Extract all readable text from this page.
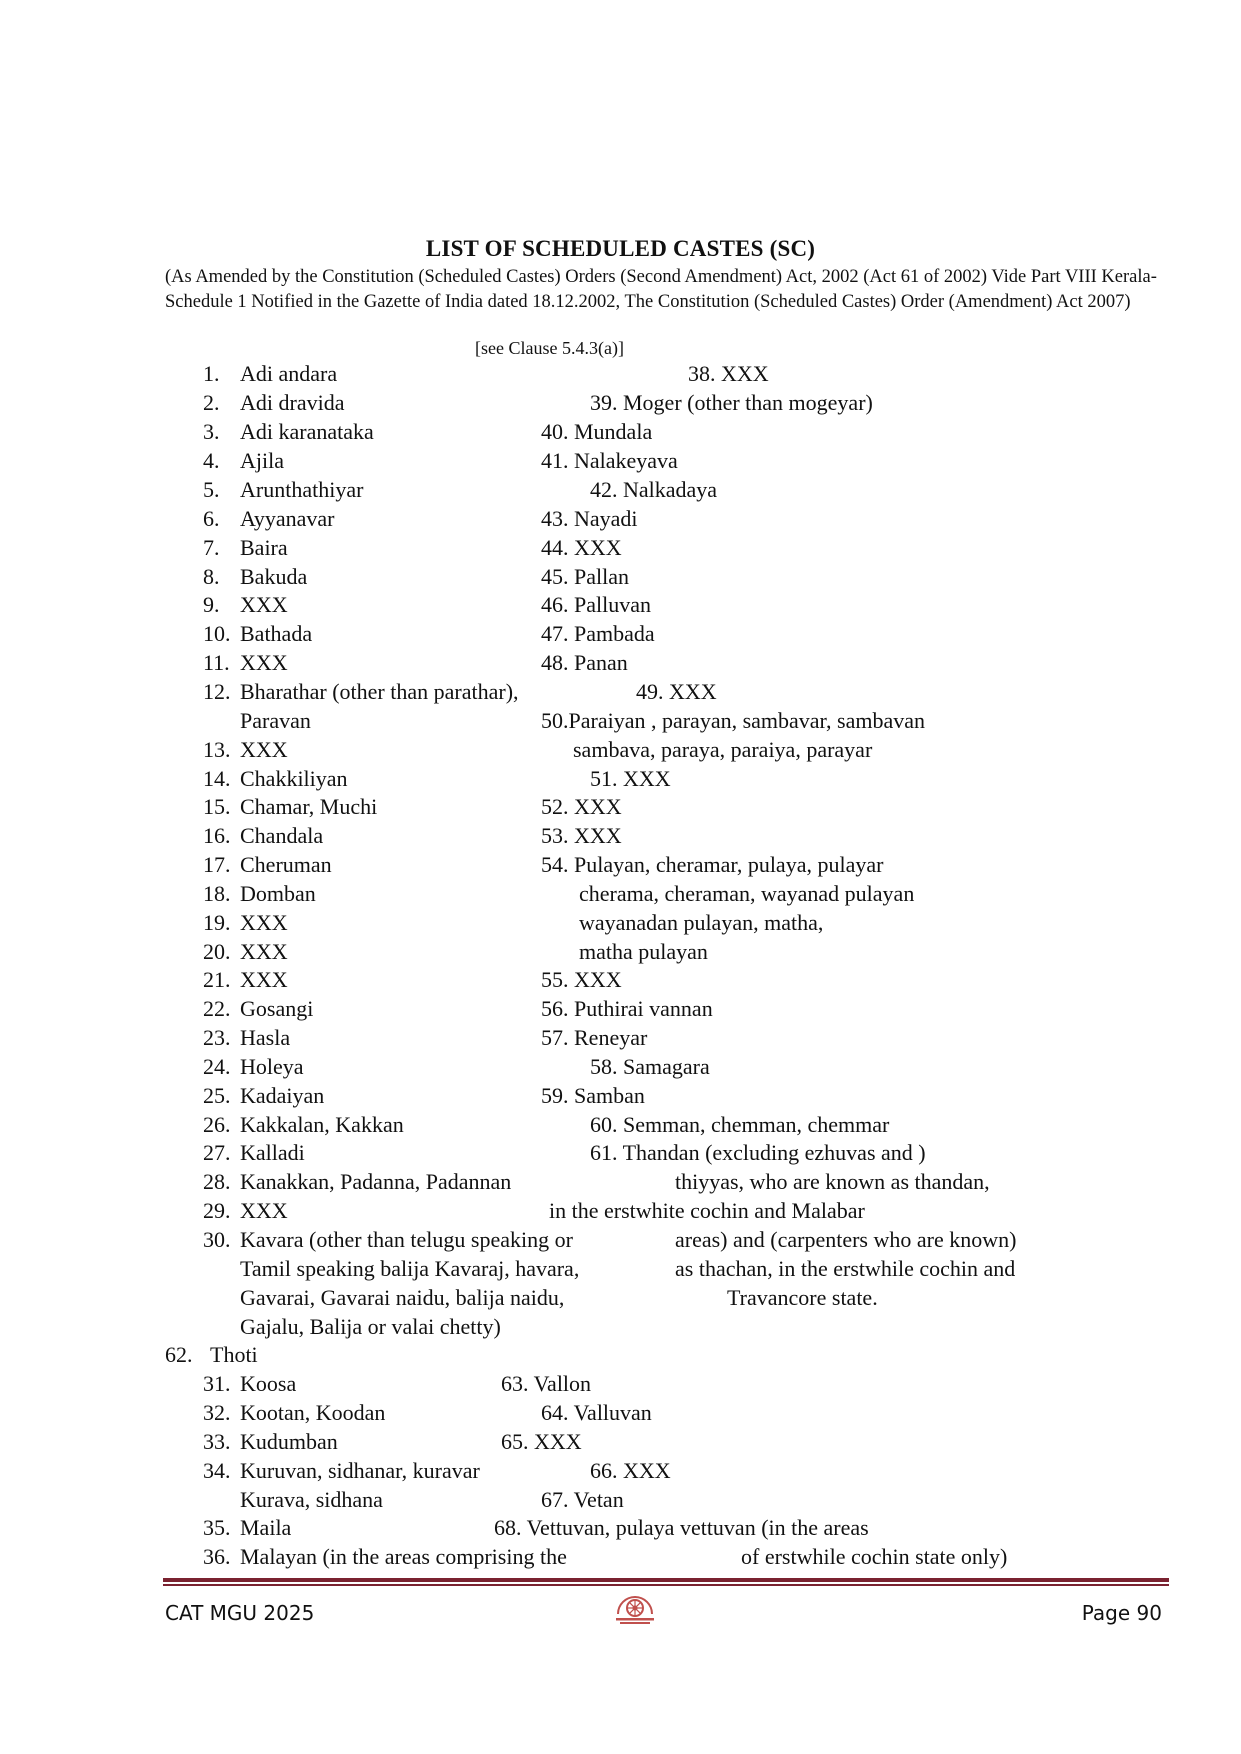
LIST OF SCHEDULED CASTES (SC)
(As Amended by the Constitution (Scheduled Castes) Orders (Second Amendment) Act, 2002 (Act 61 of 2002) Vide Part VIII Kerala- Schedule 1 Notified in the Gazette of India dated 18.12.2002, The Constitution (Scheduled Castes) Order (Amendment) Act 2007)
[see Clause 5.4.3(a)]
1. Adi andara	38. XXX
2. Adi dravida	39. Moger (other than mogeyar)
3. Adi karanataka	40. Mundala
4. Ajila	41. Nalakeyava
5. Arunthathiyar	42. Nalkadaya
6. Ayyanavar	43. Nayadi
7. Baira	44. XXX
8. Bakuda	45. Pallan
9. XXX	46. Palluvan
10. Bathada	47. Pambada
11. XXX	48. Panan
12. Bharathar (other than parathar),	49. XXX
Paravan	50.Paraiyan , parayan, sambavar, sambavan
13. XXX	sambava, paraya, paraiya, parayar
14. Chakkiliyan	51. XXX
15. Chamar, Muchi	52. XXX
16. Chandala	53. XXX
17. Cheruman	54. Pulayan, cheramar, pulaya, pulayar
18. Domban	cherama, cheraman, wayanad pulayan
19. XXX	wayanadan pulayan, matha,
20. XXX	matha pulayan
21. XXX	55. XXX
22. Gosangi	56. Puthirai vannan
23. Hasla	57. Reneyar
24. Holeya	58. Samagara
25. Kadaiyan	59. Samban
26. Kakkalan, Kakkan	60. Semman, chemman, chemmar
27. Kalladi	61. Thandan (excluding ezhuvas and )
28. Kanakkan, Padanna, Padannan	thiyyas, who are known as thandan,
29. XXX	in the erstwhite cochin and Malabar
30. Kavara (other than telugu speaking or	areas) and (carpenters who are known)
Tamil speaking balija Kavaraj, havara,	as thachan, in the erstwhile cochin and
Gavarai, Gavarai naidu, balija naidu,	Travancore state.
Gajalu, Balija or valai chetty)
62. Thoti
31. Koosa	63. Vallon
32. Kootan, Koodan	64. Valluvan
33. Kudumban	65. XXX
34. Kuruvan, sidhanar, kuravar	66. XXX
Kurava, sidhana	67. Vetan
35. Maila	68. Vettuvan, pulaya vettuvan (in the areas
36. Malayan (in the areas comprising the	of erstwhile cochin state only)
CAT MGU 2025	Page 90
